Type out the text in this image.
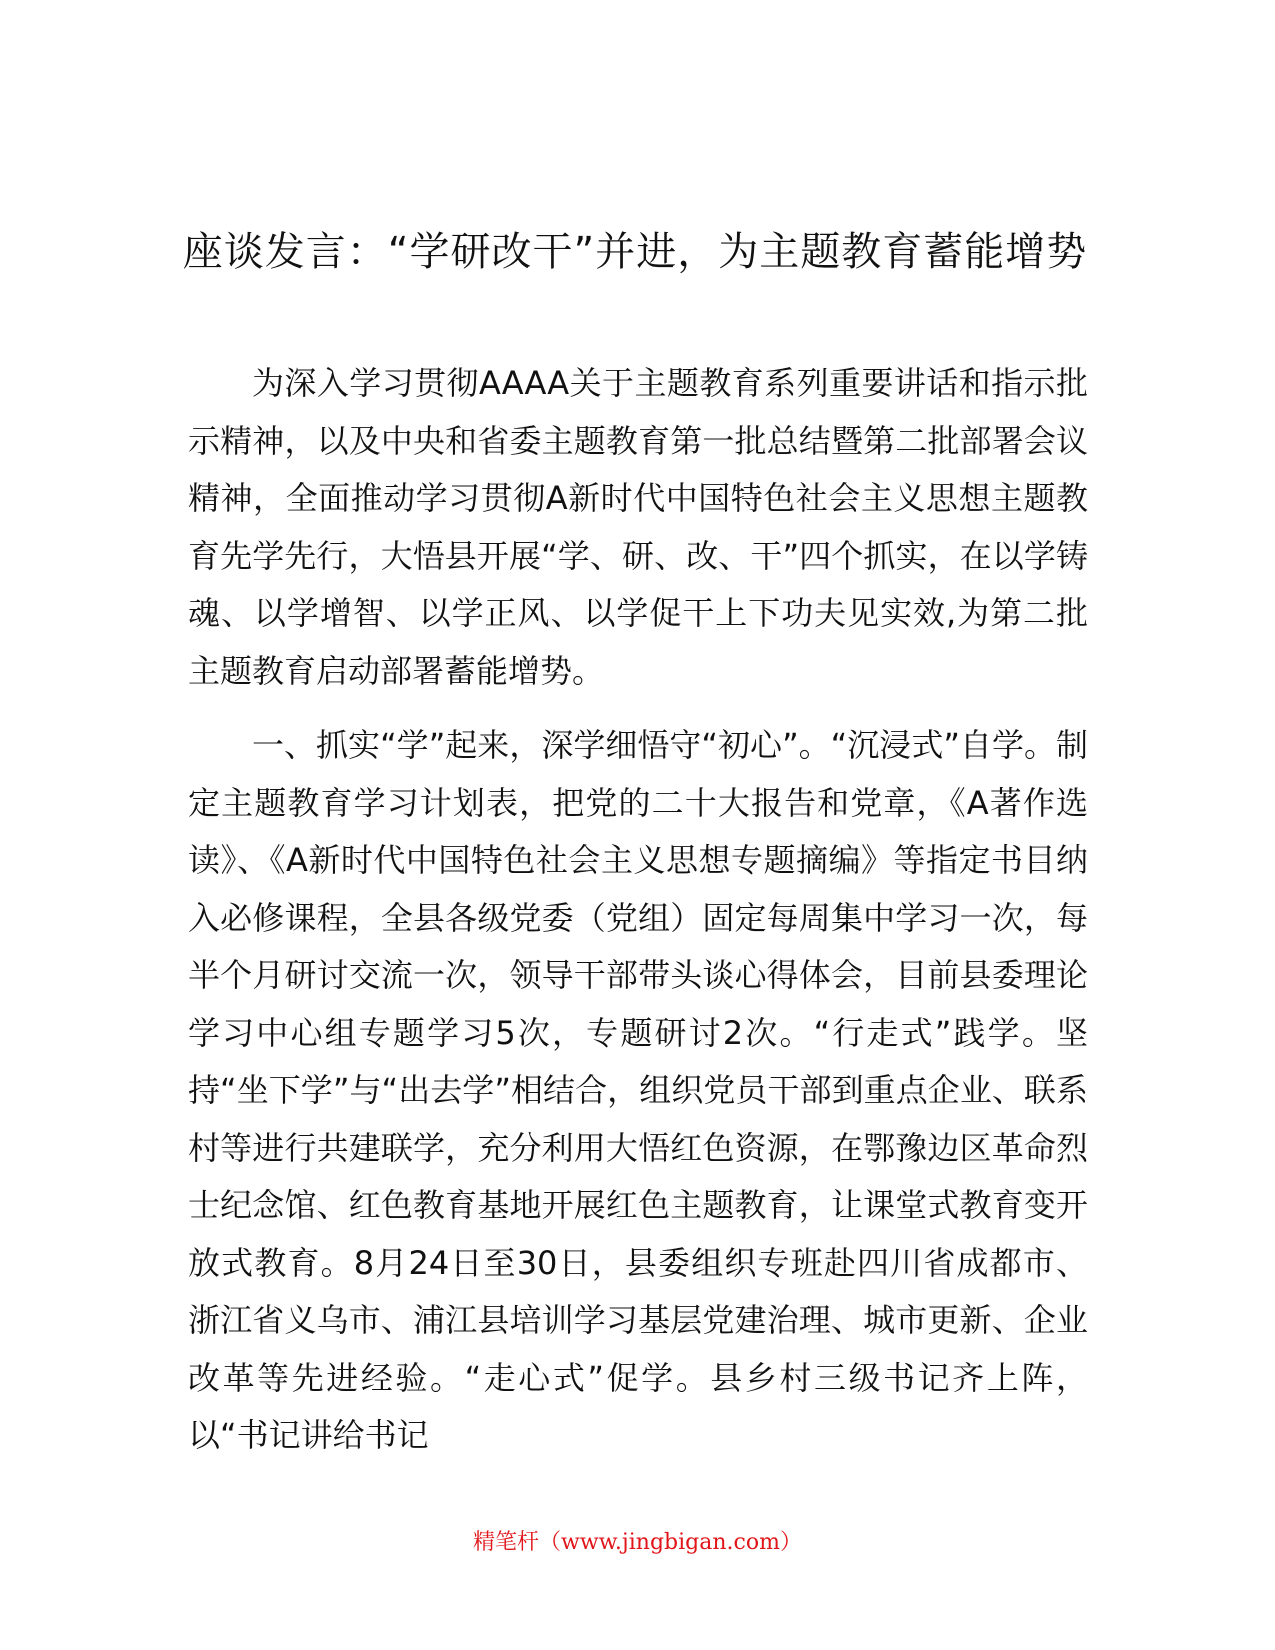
座谈发言：“学研改干”并进，为主题教育蓄能增势

为深入学习贯彻AAAA关于主题教育系列重要讲话和指示批示精神，以及中央和省委主题教育第一批总结暨第二批部署会议精神，全面推动学习贯彻A新时代中国特色社会主义思想主题教育先学先行，大悟县开展“学、研、改、干”四个抓实，在以学铸魂、以学增智、以学正风、以学促干上下功夫见实效,为第二批主题教育启动部署蓄能增势。

一、抓实“学”起来，深学细悟守“初心”。“沉浸式”自学。制定主题教育学习计划表，把党的二十大报告和党章，《A著作选读》、《A新时代中国特色社会主义思想专题摘编》等指定书目纳入必修课程，全县各级党委（党组）固定每周集中学习一次，每半个月研讨交流一次，领导干部带头谈心得体会，目前县委理论学习中心组专题学习5次，专题研讨2次。“行走式”践学。坚持“坐下学”与“出去学”相结合，组织党员干部到重点企业、联系村等进行共建联学，充分利用大悟红色资源，在鄂豫边区革命烈士纪念馆、红色教育基地开展红色主题教育，让课堂式教育变开放式教育。8月24日至30日，县委组织专班赴四川省成都市、浙江省义乌市、浦江县培训学习基层党建治理、城市更新、企业改革等先进经验。“走心式”促学。县乡村三级书记齐上阵，以“书记讲给书记

精笔杆（www.jingbigan.com）
